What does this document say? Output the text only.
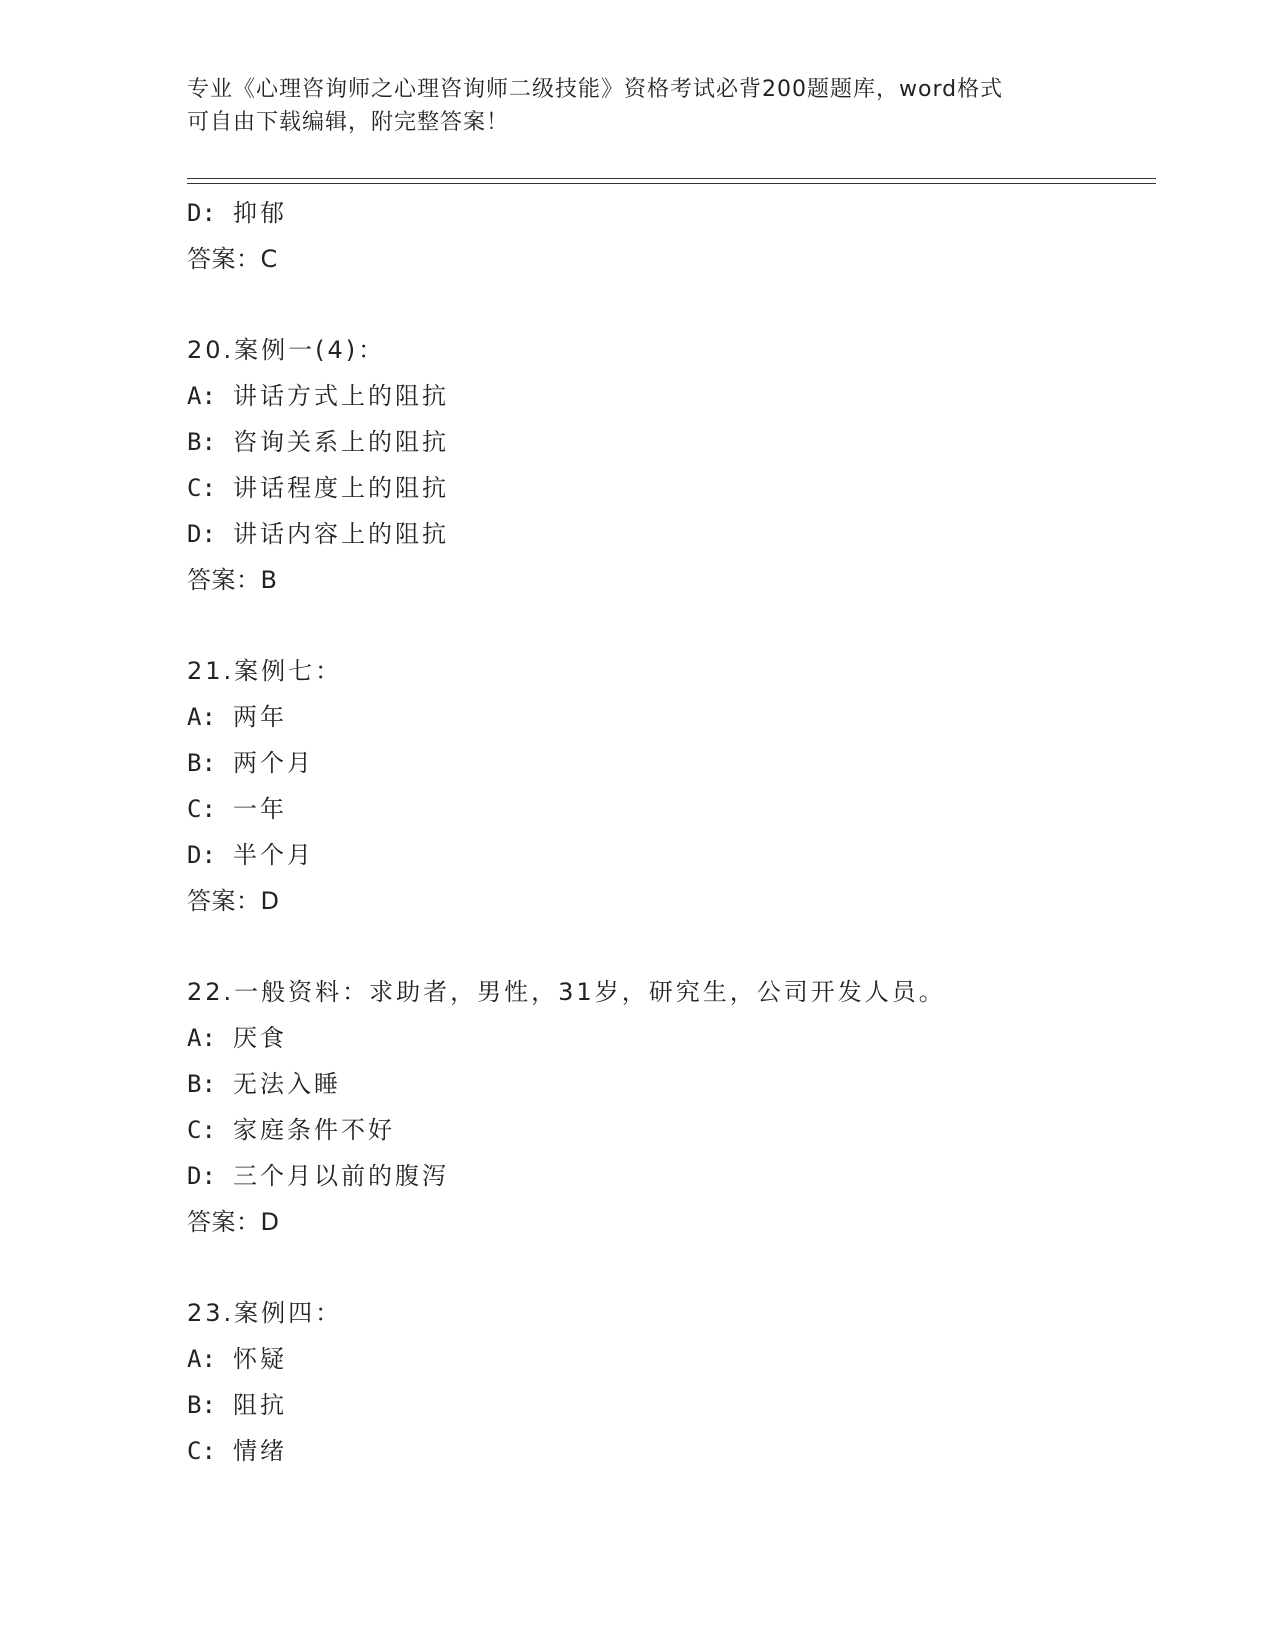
专业《心理咨询师之心理咨询师二级技能》资格考试必背200题题库，word格式
可自由下载编辑，附完整答案！
D: 抑郁
答案：C
20.案例一(4)：
A: 讲话方式上的阻抗
B: 咨询关系上的阻抗
C: 讲话程度上的阻抗
D: 讲话内容上的阻抗
答案：B
21.案例七：
A: 两年
B: 两个月
C: 一年
D: 半个月
答案：D
22.一般资料：求助者，男性，31岁，研究生，公司开发人员。
A: 厌食
B: 无法入睡
C: 家庭条件不好
D: 三个月以前的腹泻
答案：D
23.案例四：
A: 怀疑
B: 阻抗
C: 情绪
